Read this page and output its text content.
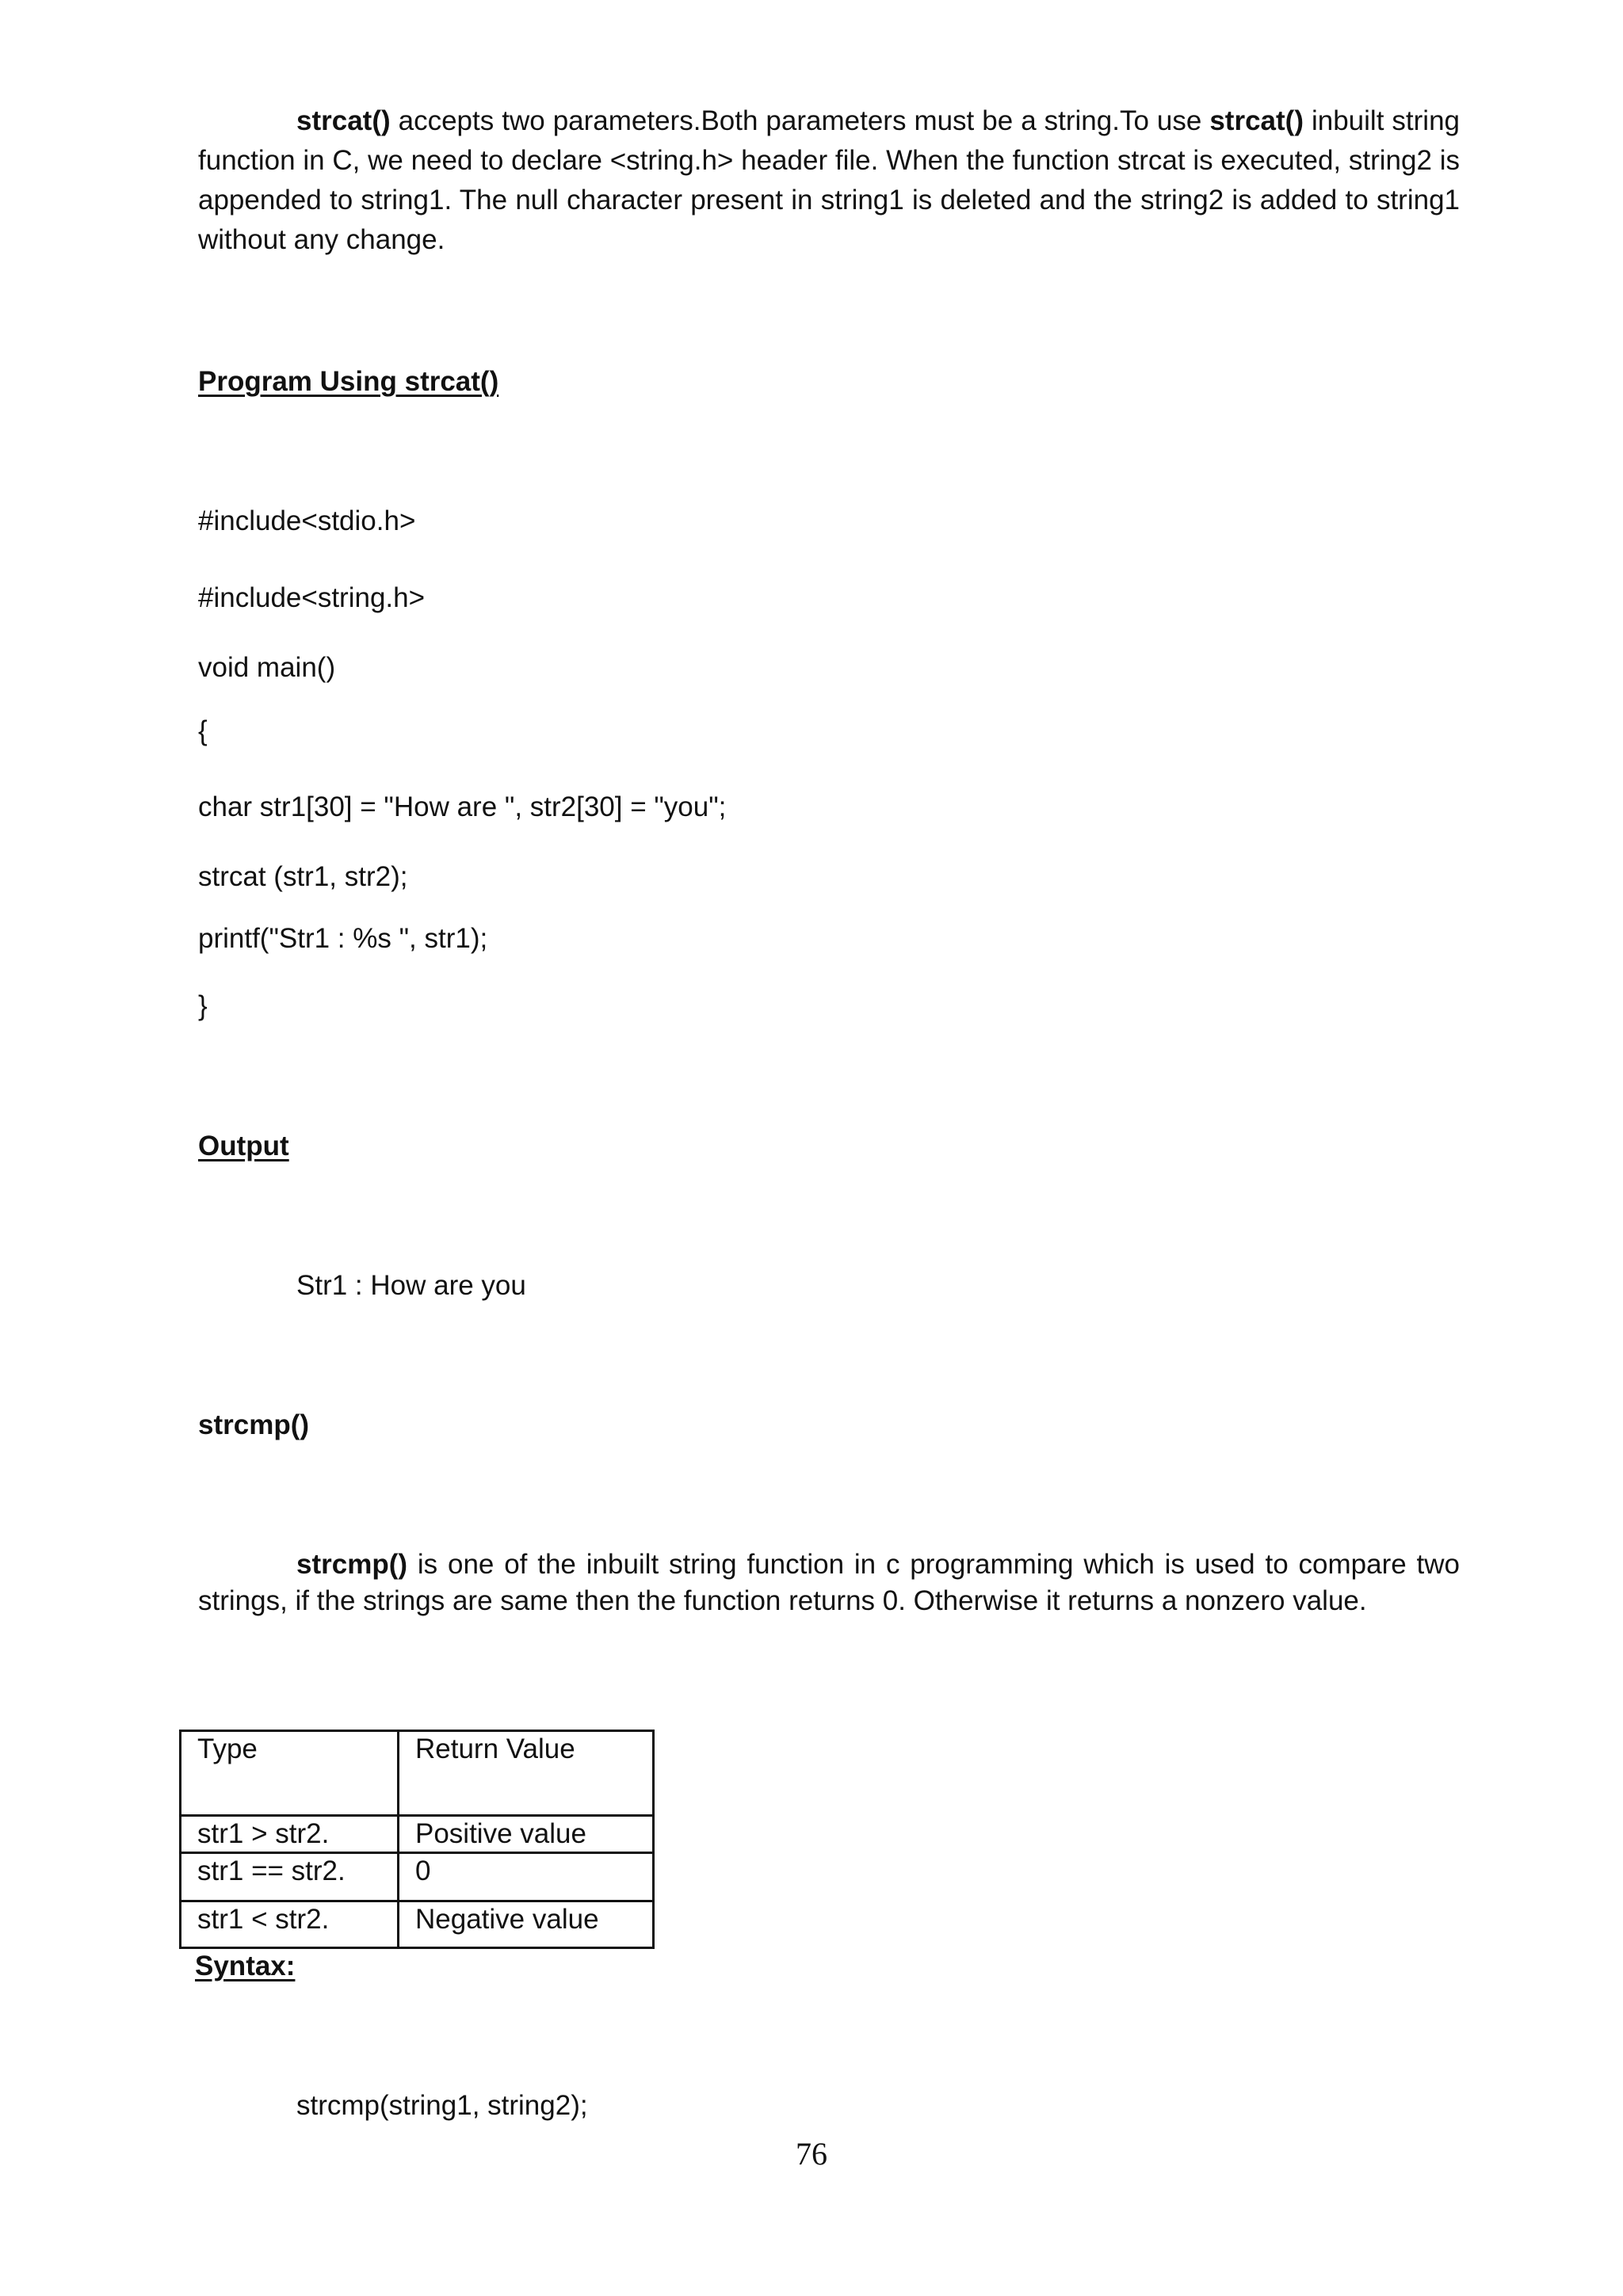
strcat() accepts two parameters.Both parameters must be a string.To use strcat() inbuilt string function in C, we need to declare <string.h> header file. When the function strcat is executed, string2 is appended to string1. The null character present in string1 is deleted and the string2 is added to string1 without any change.
Program Using strcat()
#include<stdio.h>
#include<string.h>
void main()
{
char str1[30] = "How are ", str2[30] = "you";
strcat (str1, str2);
printf("Str1 : %s ", str1);
}
Output
Str1 : How are you
strcmp()
strcmp() is one of the inbuilt string function in c programming which is used to compare two strings, if the strings are same then the function returns 0. Otherwise it returns a nonzero value.
Type	Return Value
str1 > str2.	Positive value
str1 == str2.	0
str1 < str2.	Negative value
Syntax:
strcmp(string1, string2);
76
